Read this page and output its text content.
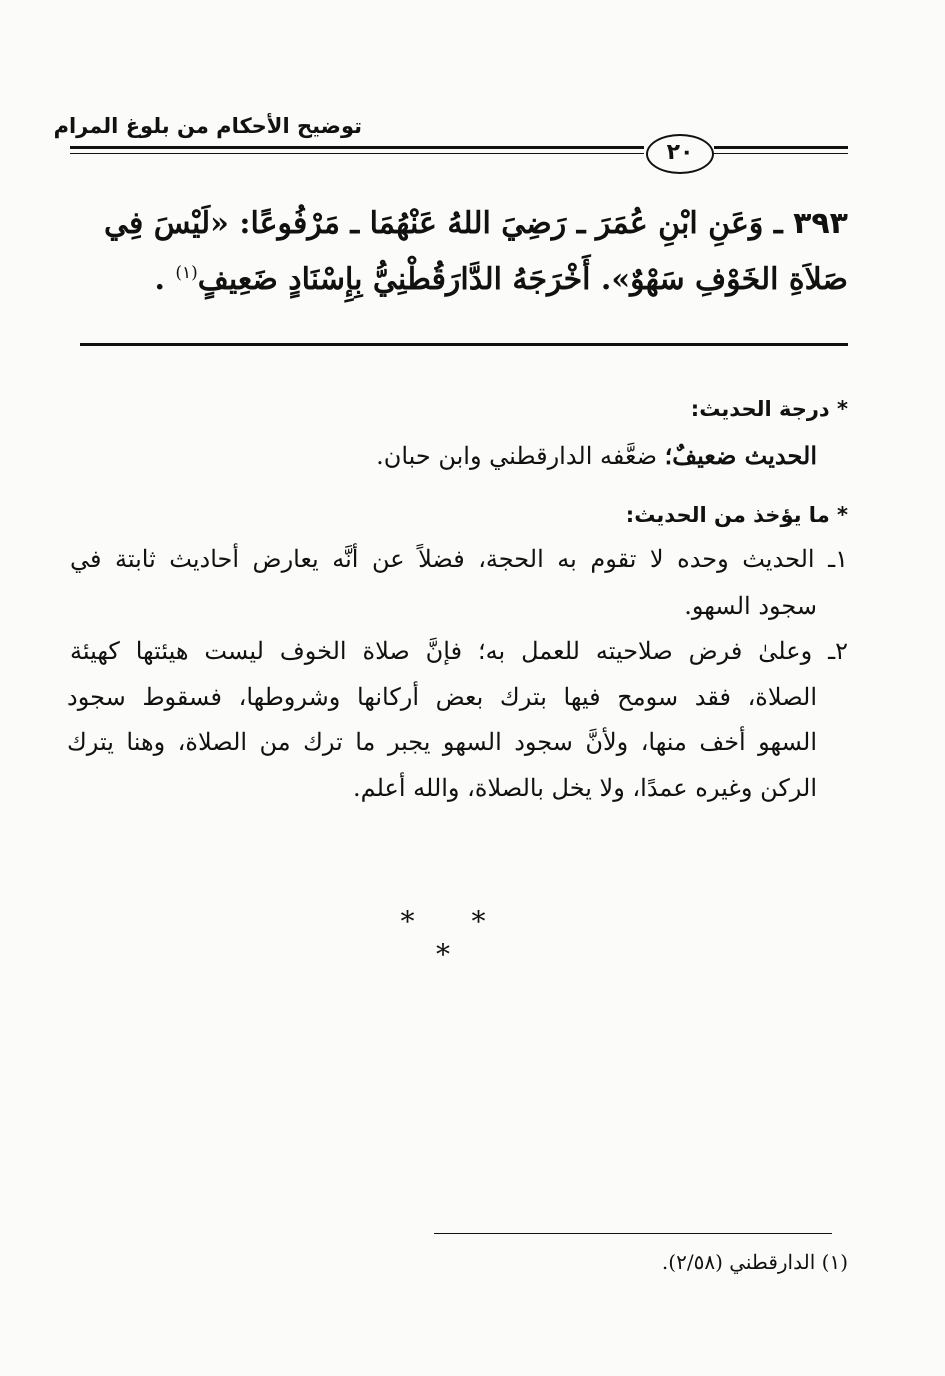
توضيح الأحكام من بلوغ المرام
٢٠
٣٩٣ ـ وَعَنِ ابْنِ عُمَرَ ـ رَضِيَ اللهُ عَنْهُمَا ـ مَرْفُوعًا: «لَيْسَ فِي
صَلاَةِ الخَوْفِ سَهْوٌ». أَخْرَجَهُ الدَّارَقُطْنِيُّ بِإِسْنَادٍ ضَعِيفٍ$^{(١)}$ .
* درجة الحديث:
الحديث ضعيفٌ؛ ضعَّفه الدارقطني وابن حبان.
* ما يؤخذ من الحديث:
١ـ الحديث وحده لا تقوم به الحجة، فضلاً عن أنَّه يعارض أحاديث ثابتة في
سجود السهو.
٢ـ وعلىٰ فرض صلاحيته للعمل به؛ فإنَّ صلاة الخوف ليست هيئتها كهيئة
الصلاة، فقد سومح فيها بترك بعض أركانها وشروطها، فسقوط سجود
السهو أخف منها، ولأنَّ سجود السهو يجبر ما ترك من الصلاة، وهنا يترك
الركن وغيره عمدًا، ولا يخل بالصلاة، والله أعلم.
* * *
(١) الدارقطني (٢/٥٨).
